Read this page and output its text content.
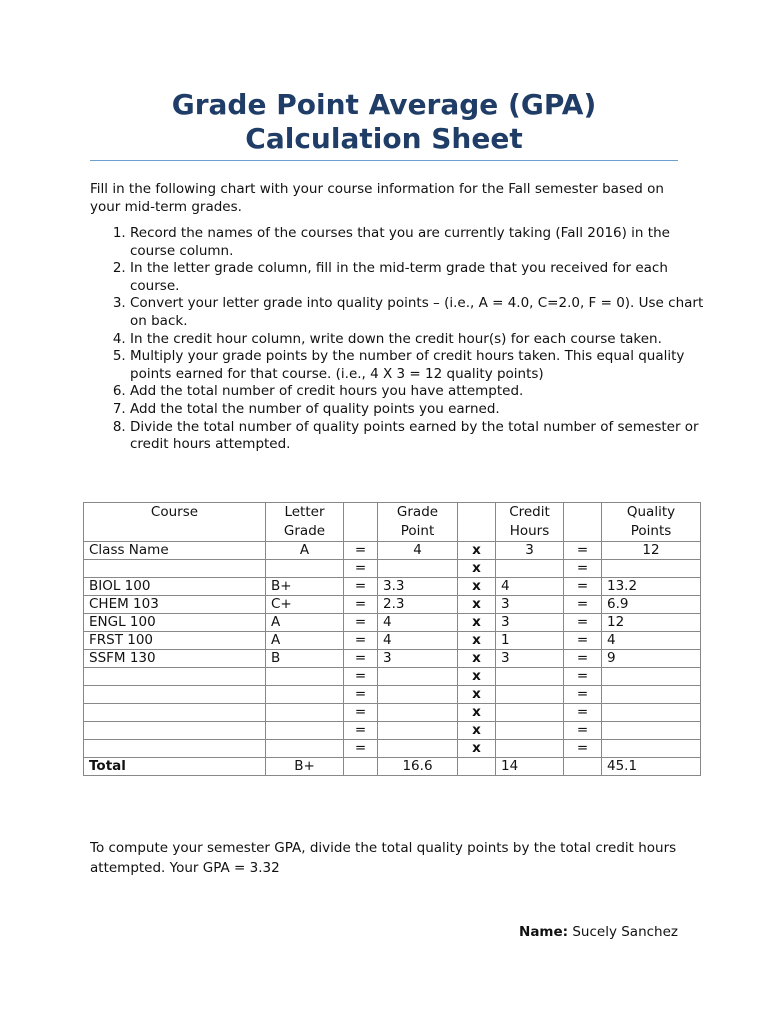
Grade Point Average (GPA)
Calculation Sheet

Fill in the following chart with your course information for the Fall semester based on your mid-term grades.

1. Record the names of the courses that you are currently taking (Fall 2016) in the course column.
2. In the letter grade column, fill in the mid-term grade that you received for each course.
3. Convert your letter grade into quality points – (i.e., A = 4.0, C=2.0, F = 0). Use chart on back.
4. In the credit hour column, write down the credit hour(s) for each course taken.
5. Multiply your grade points by the number of credit hours taken. This equal quality points earned for that course. (i.e., 4 X 3 = 12 quality points)
6. Add the total number of credit hours you have attempted.
7. Add the total the number of quality points you earned.
8. Divide the total number of quality points earned by the total number of semester or credit hours attempted.
Course	Letter Grade		Grade Point		Credit Hours		Quality Points
Class Name	A	=	4	x	3	=	12
		=		x		=	
BIOL 100	B+	=	3.3	x	4	=	13.2
CHEM 103	C+	=	2.3	x	3	=	6.9
ENGL 100	A	=	4	x	3	=	12
FRST 100	A	=	4	x	1	=	4
SSFM 130	B	=	3	x	3	=	9
		=		x		=	
		=		x		=	
		=		x		=	
		=		x		=	
		=		x		=	
Total	B+		16.6		14		45.1

To compute your semester GPA, divide the total quality points by the total credit hours attempted. Your GPA = 3.32

Name: Sucely Sanchez
